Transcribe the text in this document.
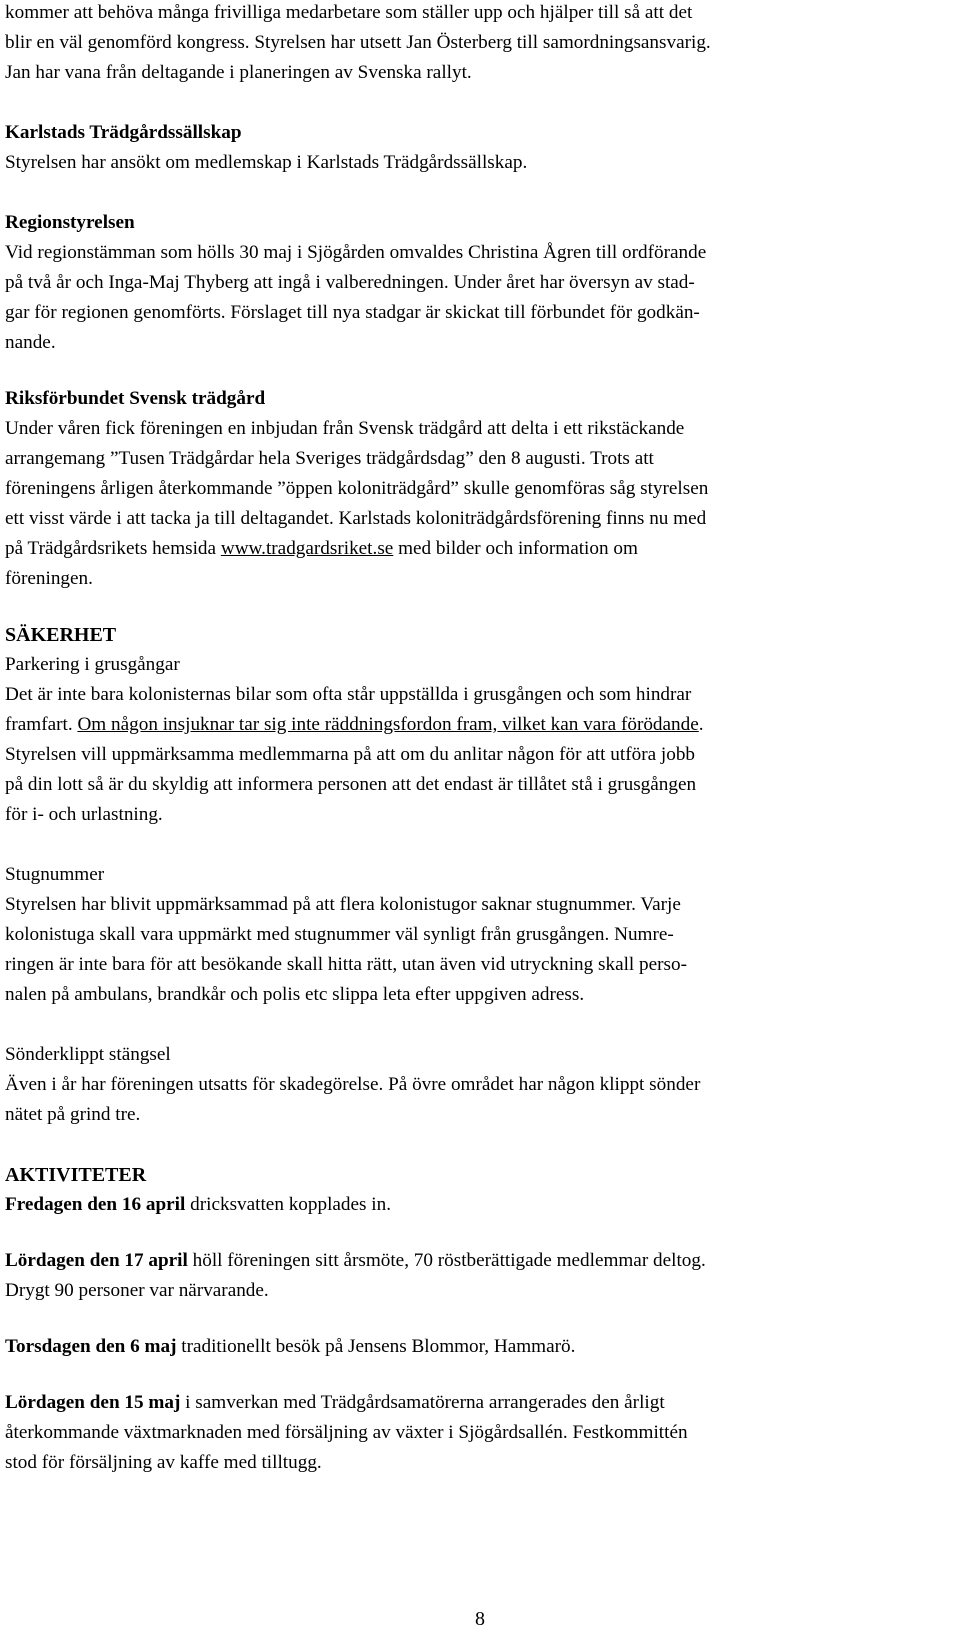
kommer att behöva många frivilliga medarbetare som ställer upp och hjälper till så att det

blir en väl genomförd kongress. Styrelsen har utsett Jan Österberg till samordningsansvarig.

Jan har vana från deltagande i planeringen av Svenska rallyt.

Karlstads Trädgårdssällskap

Styrelsen har ansökt om medlemskap i Karlstads Trädgårdssällskap.

Regionstyrelsen

Vid regionstämman som hölls 30 maj i Sjögården omvaldes Christina Ågren till ordförande

på två år och Inga-Maj Thyberg att ingå i valberedningen. Under året har översyn av stad-

gar för regionen genomförts. Förslaget till nya stadgar är skickat till förbundet för godkän-

nande.

Riksförbundet Svensk trädgård

Under våren fick föreningen en inbjudan från Svensk trädgård att delta i ett rikstäckande

arrangemang ”Tusen Trädgårdar hela Sveriges trädgårdsdag” den 8 augusti. Trots att

föreningens årligen återkommande ”öppen koloniträdgård” skulle genomföras såg styrelsen

ett visst värde i att tacka ja till deltagandet. Karlstads koloniträdgårdsförening finns nu med

på Trädgårdsrikets hemsida www.tradgardsriket.se med bilder och information om

föreningen.

SÄKERHET

Parkering i grusgångar

Det är inte bara kolonisternas bilar som ofta står uppställda i grusgången och som hindrar

framfart. Om någon insjuknar tar sig inte räddningsfordon fram, vilket kan vara förödande.

Styrelsen vill uppmärksamma medlemmarna på att om du anlitar någon för att utföra jobb

på din lott så är du skyldig att informera personen att det endast är tillåtet stå i grusgången

för i- och urlastning.

Stugnummer

Styrelsen har blivit uppmärksammad på att flera kolonistugor saknar stugnummer. Varje

kolonistuga skall vara uppmärkt med stugnummer väl synligt från grusgången. Numre-

ringen är inte bara för att besökande skall hitta rätt, utan även vid utryckning skall perso-

nalen på ambulans, brandkår och polis etc slippa leta efter uppgiven adress.

Sönderklippt stängsel

Även i år har föreningen utsatts för skadegörelse. På övre området har någon klippt sönder

nätet på grind tre.

AKTIVITETER

Fredagen den 16 april dricksvatten kopplades in.

Lördagen den 17 april höll föreningen sitt årsmöte, 70 röstberättigade medlemmar deltog.

Drygt 90 personer var närvarande.

Torsdagen den 6 maj traditionellt besök på Jensens Blommor, Hammarö.

Lördagen den 15 maj i samverkan med Trädgårdsamatörerna arrangerades den årligt

återkommande växtmarknaden med försäljning av växter i Sjögårdsallén. Festkommittén

stod för försäljning av kaffe med tilltugg.

8
